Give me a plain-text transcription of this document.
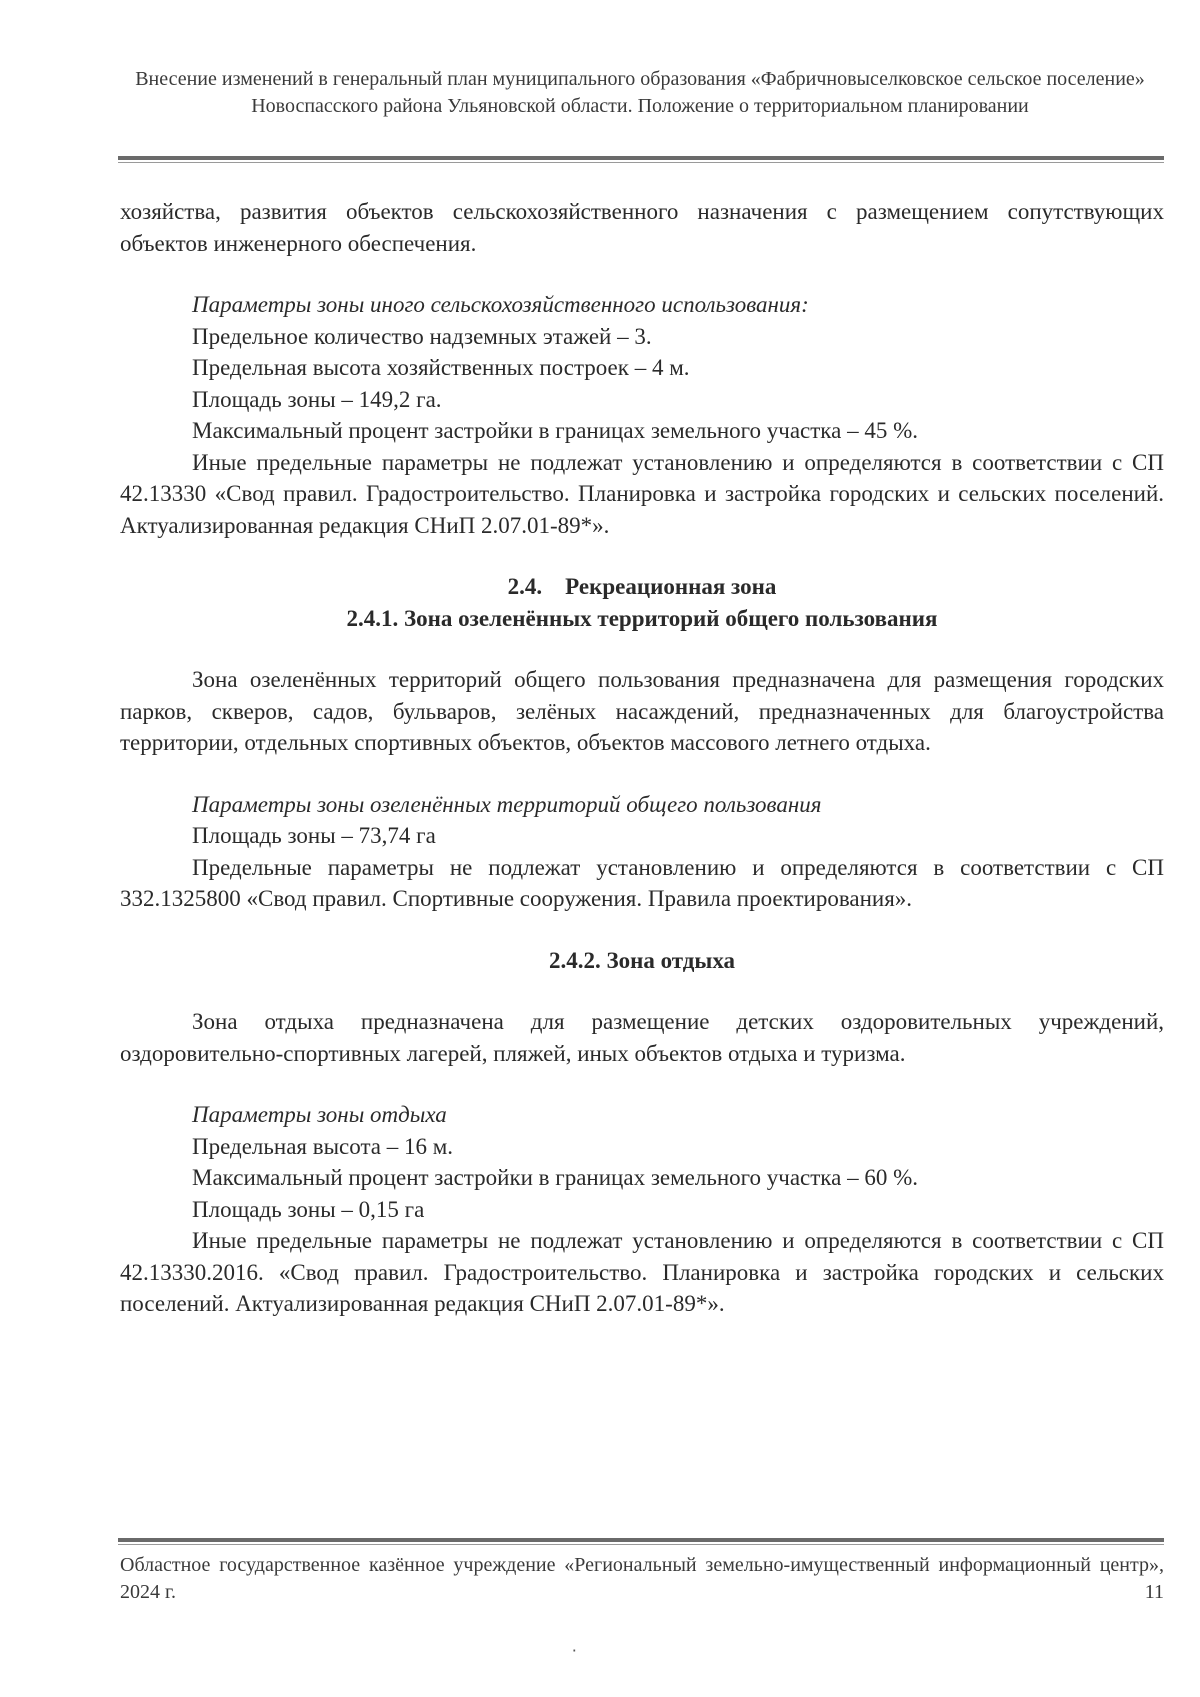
Внесение изменений в генеральный план муниципального образования «Фабричновыселковское сельское поселение» Новоспасского района Ульяновской области. Положение о территориальном планировании

хозяйства, развития объектов сельскохозяйственного назначения с размещением сопутствующих объектов инженерного обеспечения.

Параметры зоны иного сельскохозяйственного использования:

Предельное количество надземных этажей – 3.

Предельная высота хозяйственных построек – 4 м.

Площадь зоны – 149,2 га.

Максимальный процент застройки в границах земельного участка – 45 %.

Иные предельные параметры не подлежат установлению и определяются в соответствии с СП 42.13330 «Свод правил. Градостроительство. Планировка и застройка городских и сельских поселений. Актуализированная редакция СНиП 2.07.01-89*».

2.4.    Рекреационная зона

2.4.1. Зона озеленённых территорий общего пользования

Зона озеленённых территорий общего пользования предназначена для размещения городских парков, скверов, садов, бульваров, зелёных насаждений, предназначенных для благоустройства территории, отдельных спортивных объектов, объектов массового летнего отдыха.

Параметры зоны озеленённых территорий общего пользования

Площадь зоны – 73,74 га

Предельные параметры не подлежат установлению и определяются в соответствии с СП 332.1325800 «Свод правил. Спортивные сооружения. Правила проектирования».

2.4.2. Зона отдыха

Зона отдыха предназначена для размещение детских оздоровительных учреждений, оздоровительно-спортивных лагерей, пляжей, иных объектов отдыха и туризма.

Параметры зоны отдыха

Предельная высота – 16 м.

Максимальный процент застройки в границах земельного участка – 60 %.

Площадь зоны – 0,15 га

Иные предельные параметры не подлежат установлению и определяются в соответствии с СП 42.13330.2016. «Свод правил. Градостроительство. Планировка и застройка городских и сельских поселений. Актуализированная редакция СНиП 2.07.01-89*».

Областное государственное казённое учреждение «Региональный земельно-имущественный информационный центр», 2024 г.	11
٠
